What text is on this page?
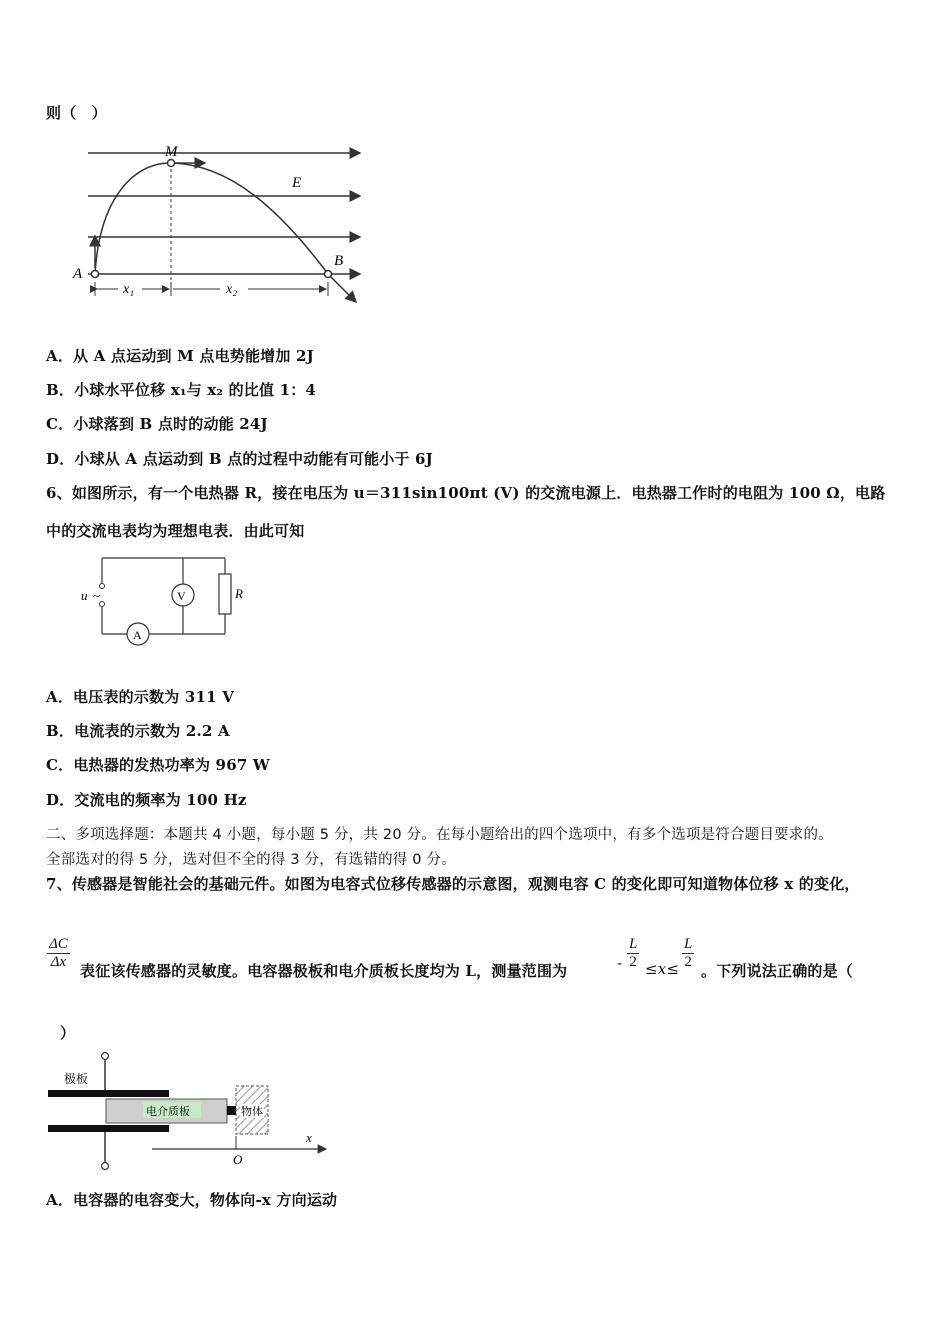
则（　）
M
E
A
B
x₁	x₂
A．从 A 点运动到 M 点电势能增加 2J
B．小球水平位移 x₁与 x₂ 的比值 1：4
C．小球落到 B 点时的动能 24J
D．小球从 A 点运动到 B 点的过程中动能有可能小于 6J
6、如图所示，有一个电热器 R，接在电压为 u＝311sin100πt (V) 的交流电源上．电热器工作时的电阻为 100 Ω，电路
中的交流电表均为理想电表．由此可知
u ~	V	R
A
A．电压表的示数为 311 V
B．电流表的示数为 2.2 A
C．电热器的发热功率为 967 W
D．交流电的频率为 100 Hz
二、多项选择题：本题共 4 小题，每小题 5 分，共 20 分。在每小题给出的四个选项中，有多个选项是符合题目要求的。
全部选对的得 5 分，选对但不全的得 3 分，有选错的得 0 分。
7、传感器是智能社会的基础元件。如图为电容式位移传感器的示意图，观测电容 C 的变化即可知道物体位移 x 的变化，
$\frac{\Delta C}{\Delta x}$ 表征该传感器的灵敏度。电容器极板和电介质板长度均为 L，测量范围为	- $\frac{L}{2} \le x\le \frac{L}{2}$ 。下列说法正确的是（
）
极板
电介质板	物体
x
O
A．电容器的电容变大，物体向-x 方向运动
